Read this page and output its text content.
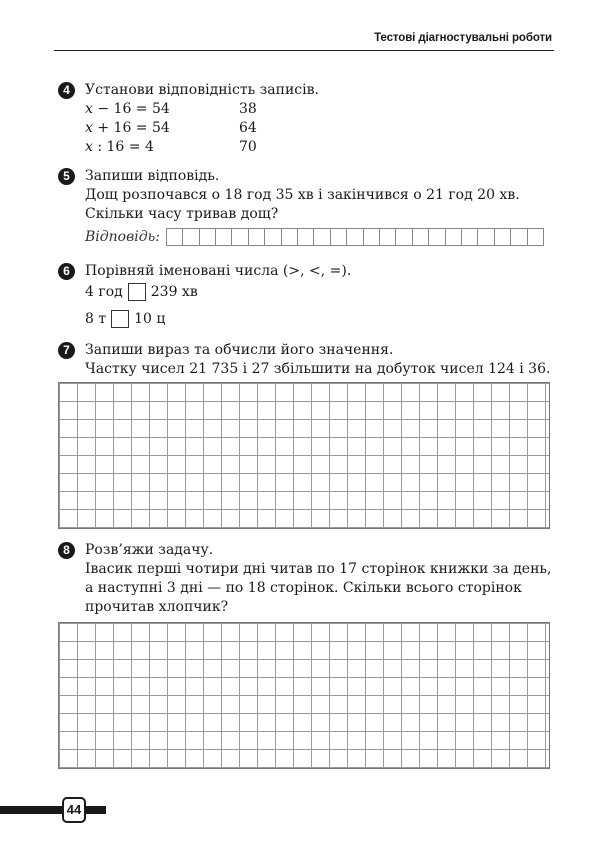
Тестові діагностувальні роботи
4	Установи відповідність записів.
x − 16 = 54	38
x + 16 = 54	64
x : 16 = 4	70
5	Запиши відповідь.
Дощ розпочався о 18 год 35 хв і закінчився о 21 год 20 хв.
Скільки часу тривав дощ?
Відповідь:
6	Порівняй іменовані числа (>, <, =).
4 год 239 хв
8 т 10 ц
7	Запиши вираз та обчисли його значення.
Частку чисел 21 735 і 27 збільшити на добуток чисел 124 і 36.
8	Розв’яжи задачу.
Івасик перші чотири дні читав по 17 сторінок книжки за день,
а наступні 3 дні — по 18 сторінок. Скільки всього сторінок
прочитав хлопчик?
44
